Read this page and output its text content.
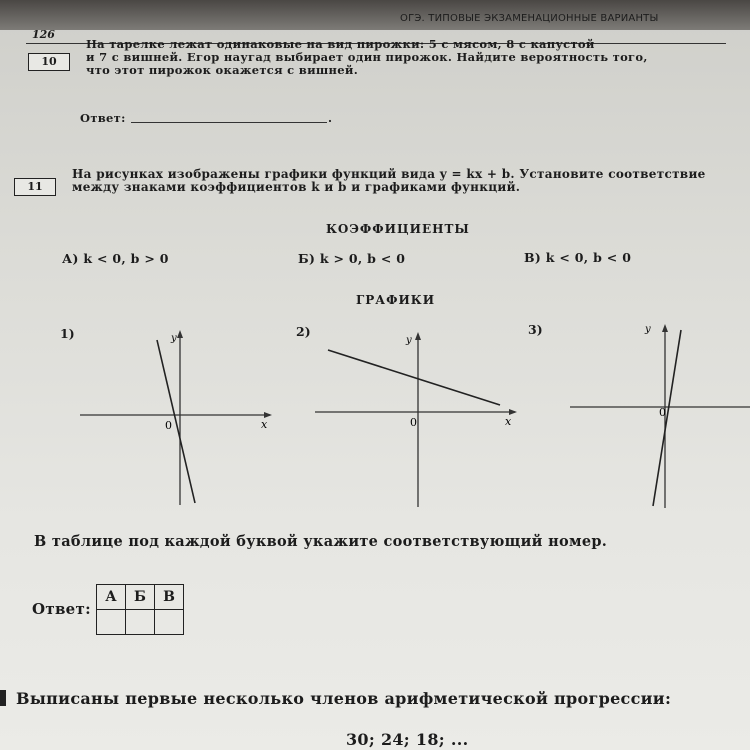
126
ОГЭ. ТИПОВЫЕ ЭКЗАМЕНАЦИОННЫЕ ВАРИАНТЫ
10
На тарелке лежат одинаковые на вид пирожки: 5 с мясом, 8 с капустой
и 7 с вишней. Егор наугад выбирает один пирожок. Найдите вероятность того,
что этот пирожок окажется с вишней.
Ответ:	.
11
На рисунках изображены графики функций вида y = kx + b. Установите соответствие
между знаками коэффициентов k и b и графиками функций.
КОЭФФИЦИЕНТЫ
А) k < 0, b > 0	Б) k > 0, b < 0	В) k < 0, b < 0
ГРАФИКИ
1)
0	x
y	2)
0	x
y
3)
0
y
В таблице под каждой буквой укажите соответствующий номер.
Ответ:
А	Б	В

Выписаны первые несколько членов арифметической прогрессии:
30; 24; 18; ...
